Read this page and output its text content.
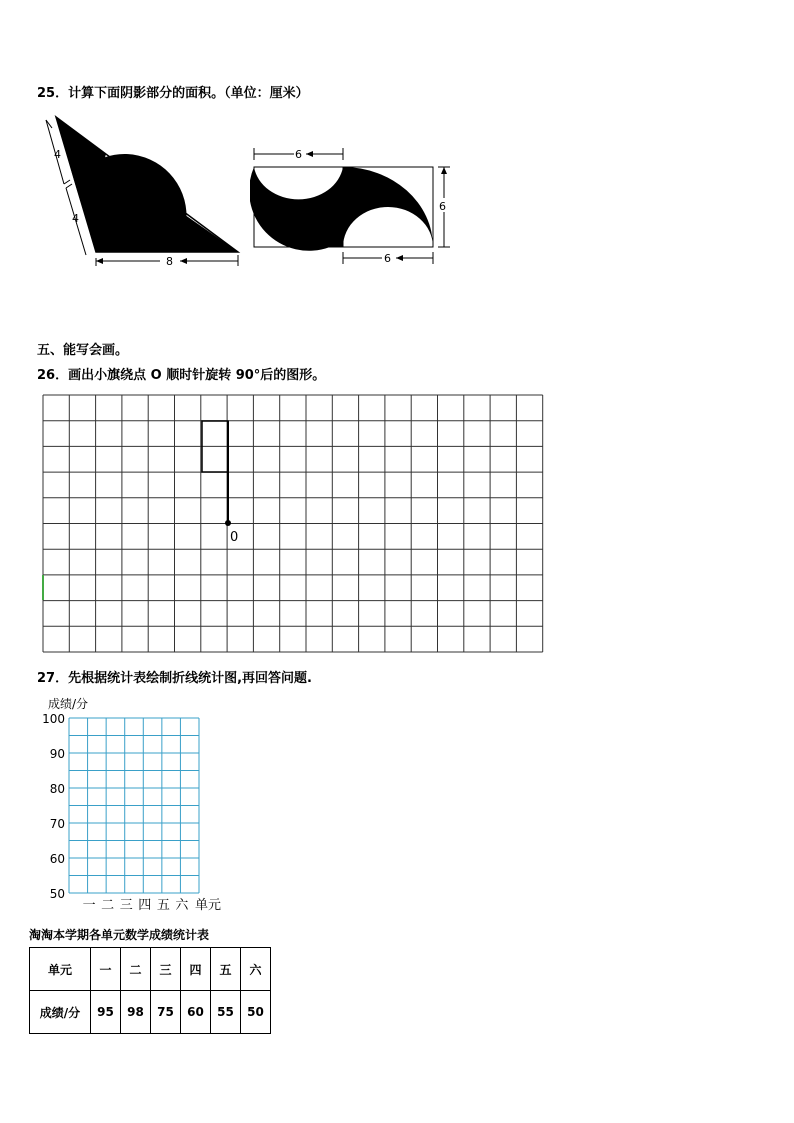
25．计算下面阴影部分的面积。（单位：厘米）
4
4
8
6
6
6
五、能写会画。
26．画出小旗绕点 O 顺时针旋转 90°后的图形。
0
27．先根据统计表绘制折线统计图,再回答问题.
成绩/分
100
90
80
70
60
50
一 二 三 四 五 六 单元
淘淘本学期各单元数学成绩统计表
单元	一	二	三	四	五	六
成绩/分	95	98	75	60	55	50
